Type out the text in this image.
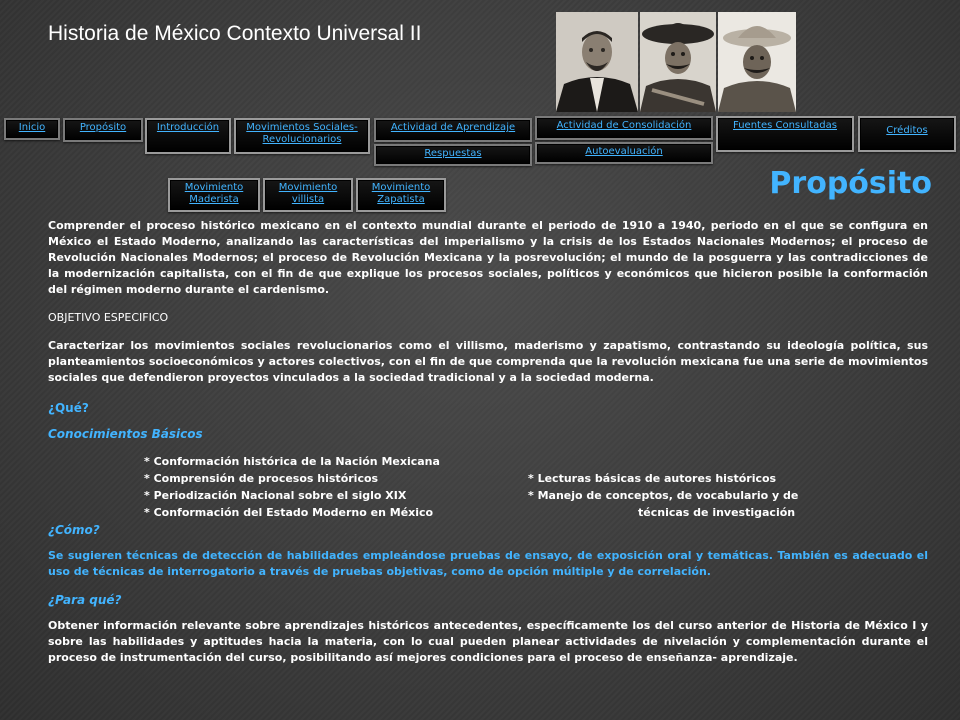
Historia de México Contexto Universal II
Inicio	Propósito	Introducción	Movimientos Sociales-Revolucionarios
Actividad de Aprendizaje	Actividad de Consolidación	Fuentes Consultadas	Créditos
Respuestas	Autoevaluación
Movimiento Maderista
Movimiento villista
Movimiento Zapatista	Propósito

Comprender el proceso histórico mexicano en el contexto mundial durante el periodo de 1910 a 1940, periodo en el que se configura en México el Estado Moderno, analizando las características del imperialismo y la crisis de los Estados Nacionales Modernos; el proceso de Revolución Nacionales Modernos; el proceso de Revolución Mexicana y la posrevolución; el mundo de la posguerra y las contradicciones de la modernización capitalista, con el fin de que explique los procesos sociales, políticos y económicos que hicieron posible la conformación del régimen moderno durante el cardenismo.

OBJETIVO ESPECIFICO

Caracterizar los movimientos sociales revolucionarios como el villismo, maderismo y zapatismo, contrastando su ideología política, sus planteamientos socioeconómicos y actores colectivos, con el fin de que comprenda que la revolución mexicana fue una serie de movimientos sociales que defendieron proyectos vinculados a la sociedad tradicional y a la sociedad moderna.

¿Qué?

Conocimientos Básicos

* Conformación histórica de la Nación Mexicana
* Comprensión de procesos históricos
* Periodización Nacional sobre el siglo XIX
* Conformación del Estado Moderno en México
* Lecturas básicas de autores históricos
* Manejo de conceptos, de vocabulario y de
técnicas de investigación

¿Cómo?

Se sugieren técnicas de detección de habilidades empleándose pruebas de ensayo, de exposición oral y temáticas. También es adecuado el uso de técnicas de interrogatorio a través de pruebas objetivas, como de opción múltiple y de correlación.

¿Para qué?

Obtener información relevante sobre aprendizajes históricos antecedentes, específicamente los del curso anterior de Historia de México I y sobre las habilidades y aptitudes hacia la materia, con lo cual pueden planear actividades de nivelación y complementación durante el proceso de instrumentación del curso, posibilitando así mejores condiciones para el proceso de enseñanza- aprendizaje.
